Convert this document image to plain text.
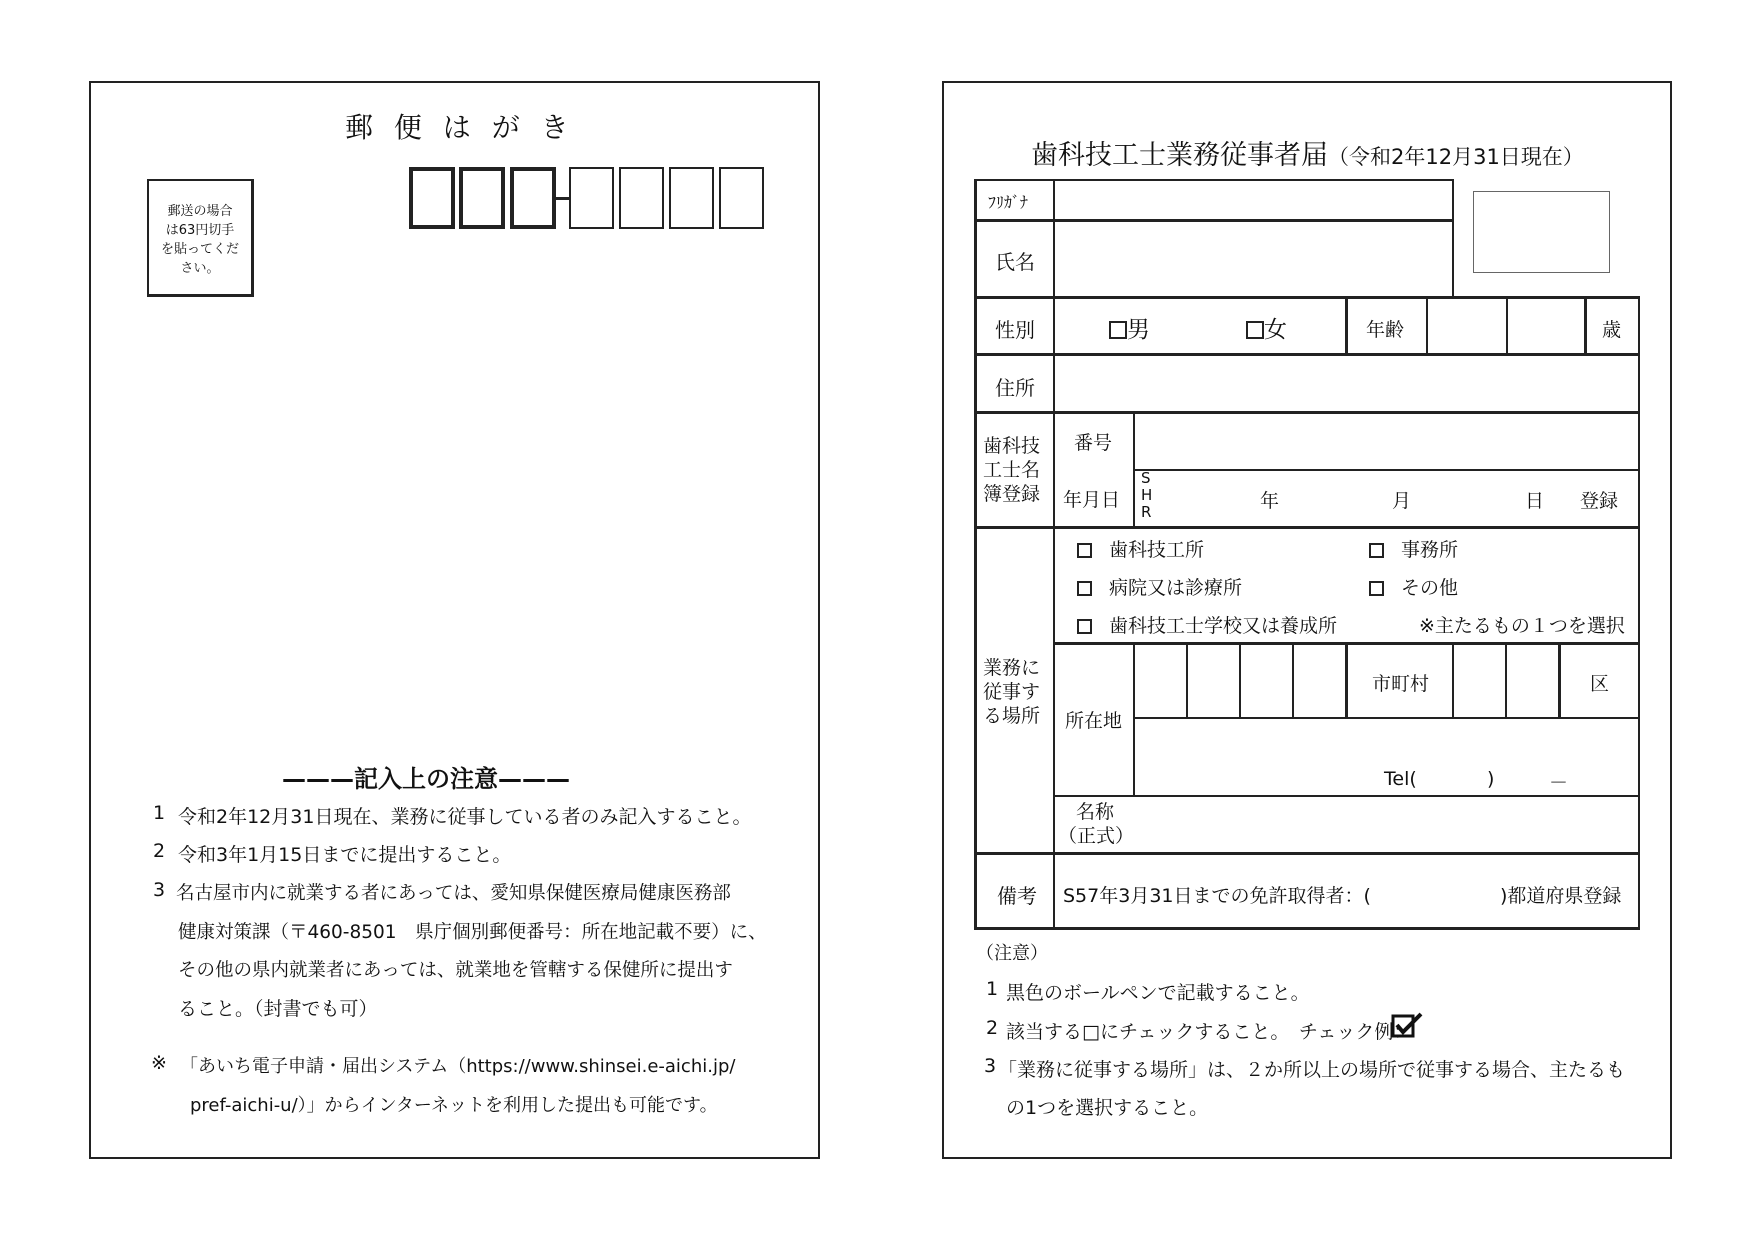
郵 便 は が き
郵送の場合
は63円切手
を貼ってくだ
さい。
———記入上の注意———
1 令和2年12月31日現在、業務に従事している者のみ記入すること。
2 令和3年1月15日までに提出すること。
3 名古屋市内に就業する者にあっては、愛知県保健医療局健康医務部
健康対策課（〒460-8501　県庁個別郵便番号：所在地記載不要）に、
その他の県内就業者にあっては、就業地を管轄する保健所に提出す
ること。（封書でも可）
※ 「あいち電子申請・届出システム（https://www.shinsei.e-aichi.jp/
pref-aichi-u/）」からインターネットを利用した提出も可能です。
歯科技工士業務従事者届（令和2年12月31日現在）
ﾌﾘｶﾞﾅ
氏名
性別	男	女	年齢	歳
住所
歯科技
工士名
簿登録
番号
年月日
S
H
R	年	月	日 登録
業務に
従事す
る場所
歯科技工所	事務所
病院又は診療所	その他
歯科技工士学校又は養成所	※主たるもの１つを選択
所在地
市町村	区
Tel(	)	－
名称
（正式）
備考 S57年3月31日までの免許取得者：(	)都道府県登録
（注意）
1 黒色のボールペンで記載すること。
2 該当する□にチェックすること。　チェック例：
3 「業務に従事する場所」は、２か所以上の場所で従事する場合、主たるも
の1つを選択すること。
